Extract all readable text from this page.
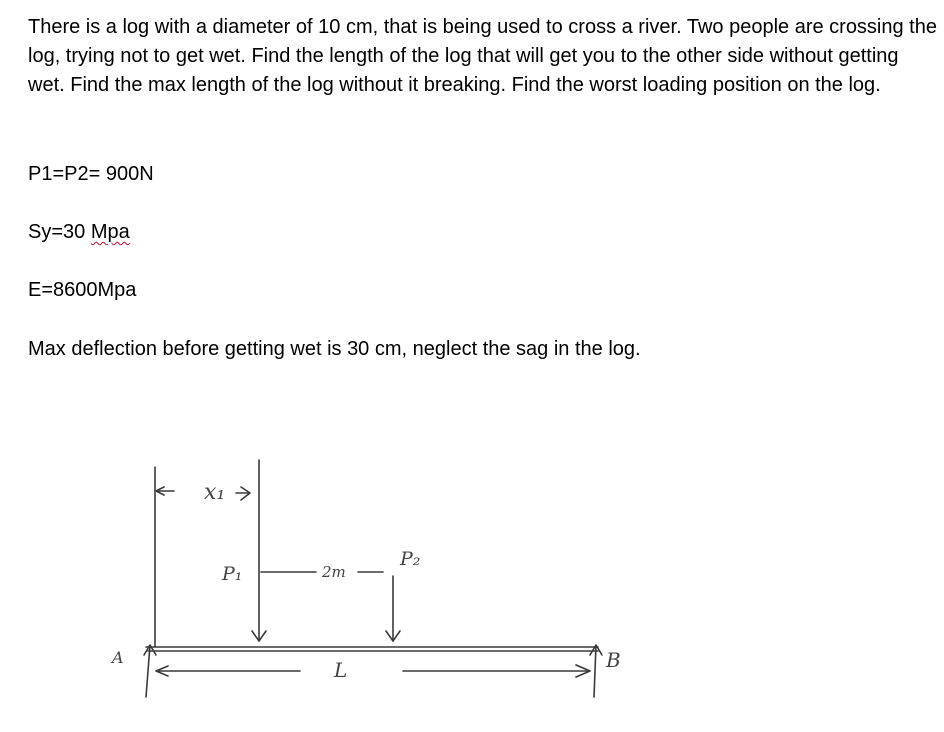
There is a log with a diameter of 10 cm, that is being used to cross a river. Two people are crossing the log, trying not to get wet. Find the length of the log that will get you to the other side without getting wet. Find the max length of the log without it breaking. Find the worst loading position on the log.

P1=P2= 900N

Sy=30 Mpa

E=8600Mpa

Max deflection before getting wet is 30 cm, neglect the sag in the log.

x₁
P₁	2m
P₂
A
L	B
